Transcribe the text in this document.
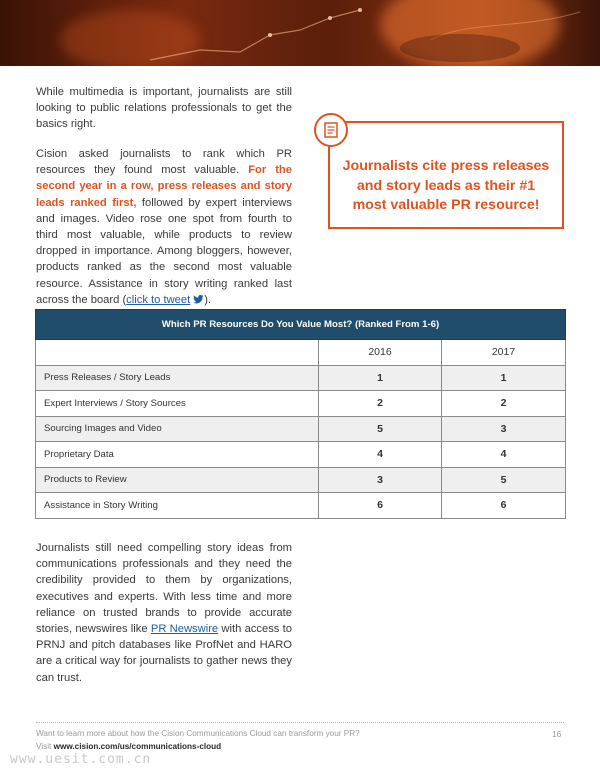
While multimedia is important, journalists are still looking to public relations professionals to get the basics right.
Cision asked journalists to rank which PR resources they found most valuable. For the second year in a row, press releases and story leads ranked first, followed by expert interviews and images. Video rose one spot from fourth to third most valuable, while products to review dropped in importance. Among bloggers, however, products ranked as the second most valuable resource. Assistance in story writing ranked last across the board (click to tweet ).
Journalists cite press releases and story leads as their #1 most valuable PR resource!
Which PR Resources Do You Value Most? (Ranked From 1-6)		
	2016	2017
Press Releases / Story Leads	1	1
Expert Interviews / Story Sources	2	2
Sourcing Images and Video	5	3
Proprietary Data	4	4
Products to Review	3	5
Assistance in Story Writing	6	6
Journalists still need compelling story ideas from communications professionals and they need the credibility provided to them by organizations, executives and experts. With less time and more reliance on trusted brands to provide accurate stories, newswires like PR Newswire with access to PRNJ and pitch databases like ProfNet and HARO are a critical way for journalists to gather news they can trust.
Want to learn more about how the Cision Communications Cloud can transform your PR?
Visit www.cision.com/us/communications-cloud
16
www.uesit.com.cn
